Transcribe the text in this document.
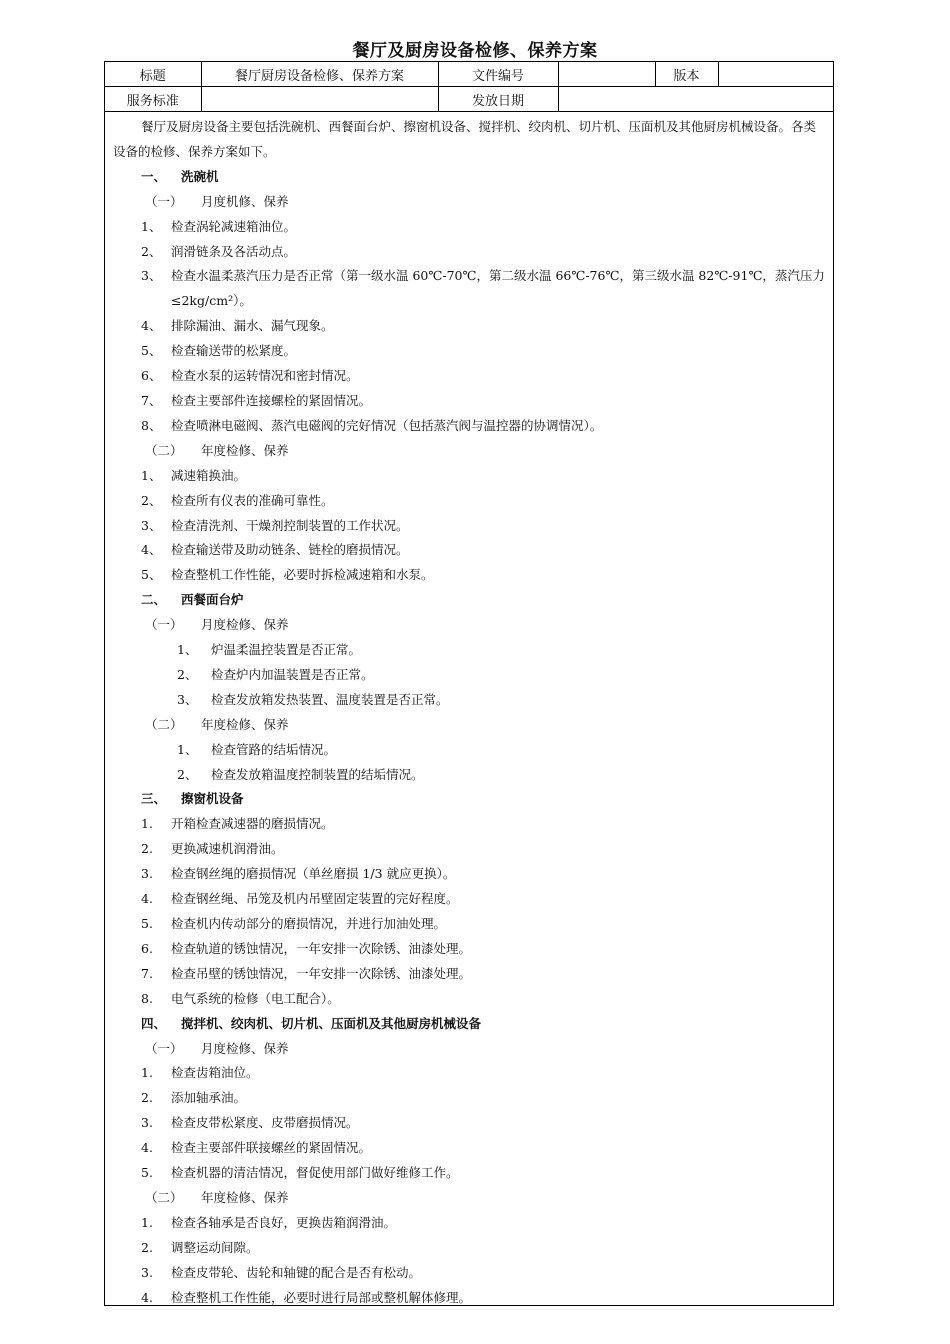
餐厅及厨房设备检修、保养方案
标题	餐厅厨房设备检修、保养方案	文件编号		版本	
服务标准		发放日期			

餐厅及厨房设备主要包括洗碗机、西餐面台炉、擦窗机设备、搅拌机、绞肉机、切片机、压面机及其他厨房机械设备。各类设备的检修、保养方案如下。

一、	洗碗机
（一）	月度机修、保养
1、 检查涡轮减速箱油位。
2、 润滑链条及各活动点。
3、 检查水温柔蒸汽压力是否正常（第一级水温 60℃-70℃，第二级水温 66℃-76℃，第三级水温 82℃-91℃，蒸汽压力≤2kg/cm²）。
4、 排除漏油、漏水、漏气现象。
5、 检查输送带的松紧度。
6、 检查水泵的运转情况和密封情况。
7、 检查主要部件连接螺栓的紧固情况。
8、 检查喷淋电磁阀、蒸汽电磁阀的完好情况（包括蒸汽阀与温控器的协调情况）。
（二）	年度检修、保养
1、 减速箱换油。
2、 检查所有仪表的准确可靠性。
3、 检查清洗剂、干燥剂控制装置的工作状况。
4、 检查输送带及助动链条、链栓的磨损情况。
5、 检查整机工作性能，必要时拆检减速箱和水泵。
二、	西餐面台炉
（一）	月度检修、保养
1、	炉温柔温控装置是否正常。
2、	检查炉内加温装置是否正常。
3、	检查发放箱发热装置、温度装置是否正常。
（二）	年度检修、保养
1、	检查管路的结垢情况。
2、	检查发放箱温度控制装置的结垢情况。
三、	擦窗机设备
1.	开箱检查减速器的磨损情况。
2.	更换减速机润滑油。
3.	检查钢丝绳的磨损情况（单丝磨损 1/3 就应更换）。
4.	检查钢丝绳、吊笼及机内吊壁固定装置的完好程度。
5.	检查机内传动部分的磨损情况，并进行加油处理。
6.	检查轨道的锈蚀情况，一年安排一次除锈、油漆处理。
7.	检查吊壁的锈蚀情况，一年安排一次除锈、油漆处理。
8.	电气系统的检修（电工配合）。
四、	搅拌机、绞肉机、切片机、压面机及其他厨房机械设备
（一）	月度检修、保养
1.	检查齿箱油位。
2.	添加轴承油。
3.	检查皮带松紧度、皮带磨损情况。
4.	检查主要部件联接螺丝的紧固情况。
5.	检查机器的清洁情况，督促使用部门做好维修工作。
（二）	年度检修、保养
1.	检查各轴承是否良好，更换齿箱润滑油。
2.	调整运动间隙。
3.	检查皮带轮、齿轮和轴键的配合是否有松动。
4.	检查整机工作性能，必要时进行局部或整机解体修理。
